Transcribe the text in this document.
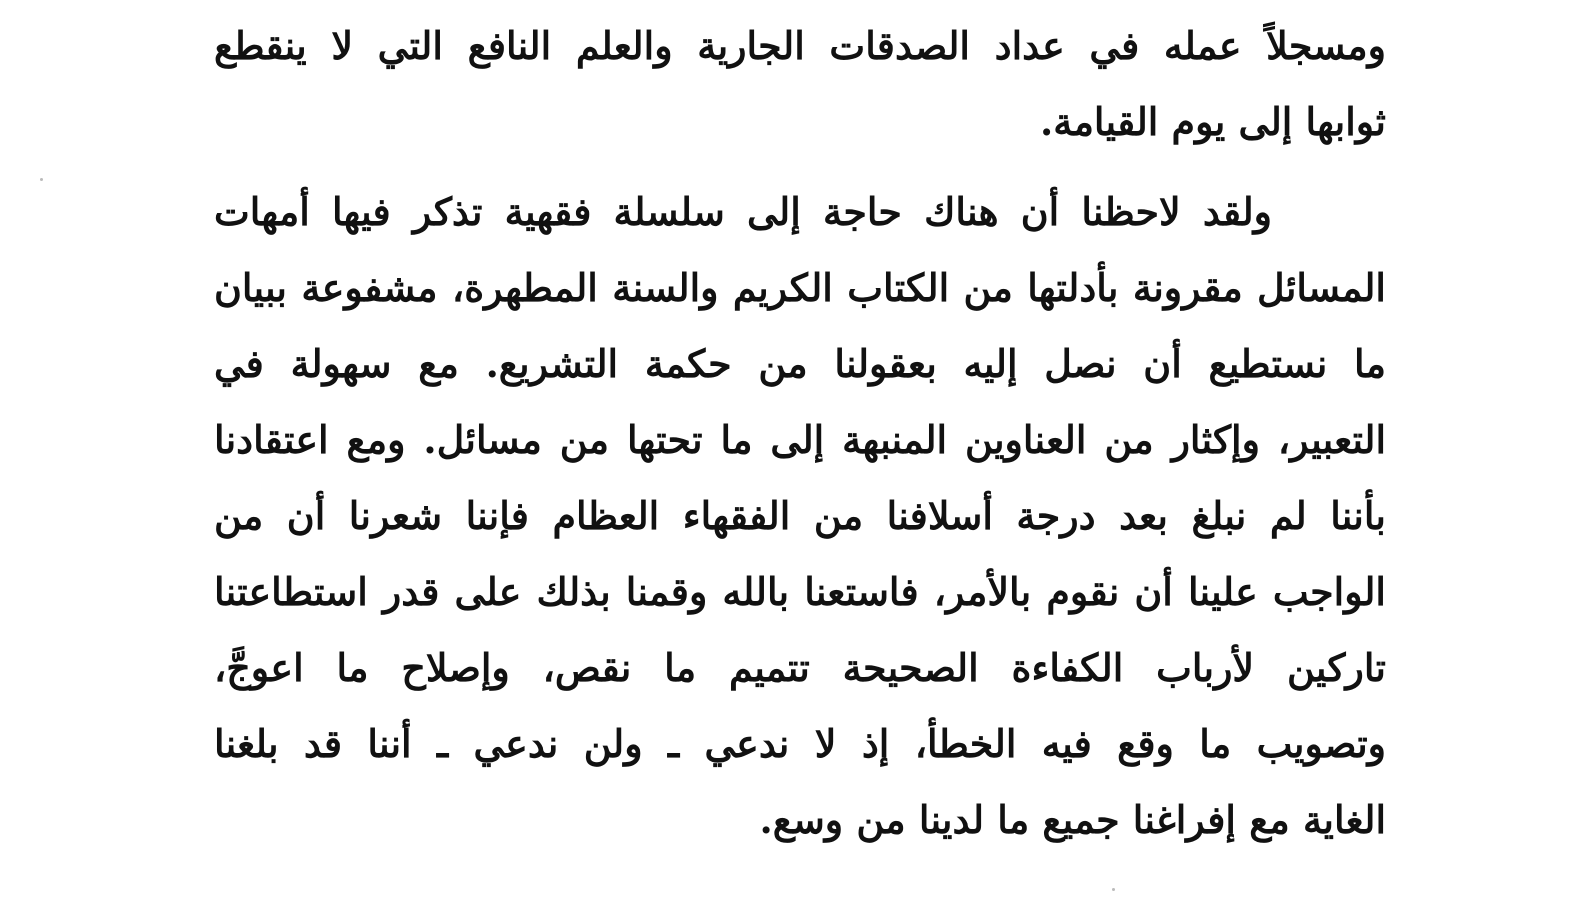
ومسجلاً عمله في عداد الصدقات الجارية والعلم النافع التي لا ينقطع
ثوابها إلى يوم القيامة.
ولقد لاحظنا أن هناك حاجة إلى سلسلة فقهية تذكر فيها أمهات
المسائل مقرونة بأدلتها من الكتاب الكريم والسنة المطهرة، مشفوعة ببيان
ما نستطيع أن نصل إليه بعقولنا من حكمة التشريع. مع سهولة في
التعبير، وإكثار من العناوين المنبهة إلى ما تحتها من مسائل. ومع اعتقادنا
بأننا لم نبلغ بعد درجة أسلافنا من الفقهاء العظام فإننا شعرنا أن من
الواجب علينا أن نقوم بالأمر، فاستعنا بالله وقمنا بذلك على قدر استطاعتنا
تاركين لأرباب الكفاءة الصحيحة تتميم ما نقص، وإصلاح ما اعوجَّ،
وتصويب ما وقع فيه الخطأ، إذ لا ندعي ـ ولن ندعي ـ أننا قد بلغنا
الغاية مع إفراغنا جميع ما لدينا من وسع.
